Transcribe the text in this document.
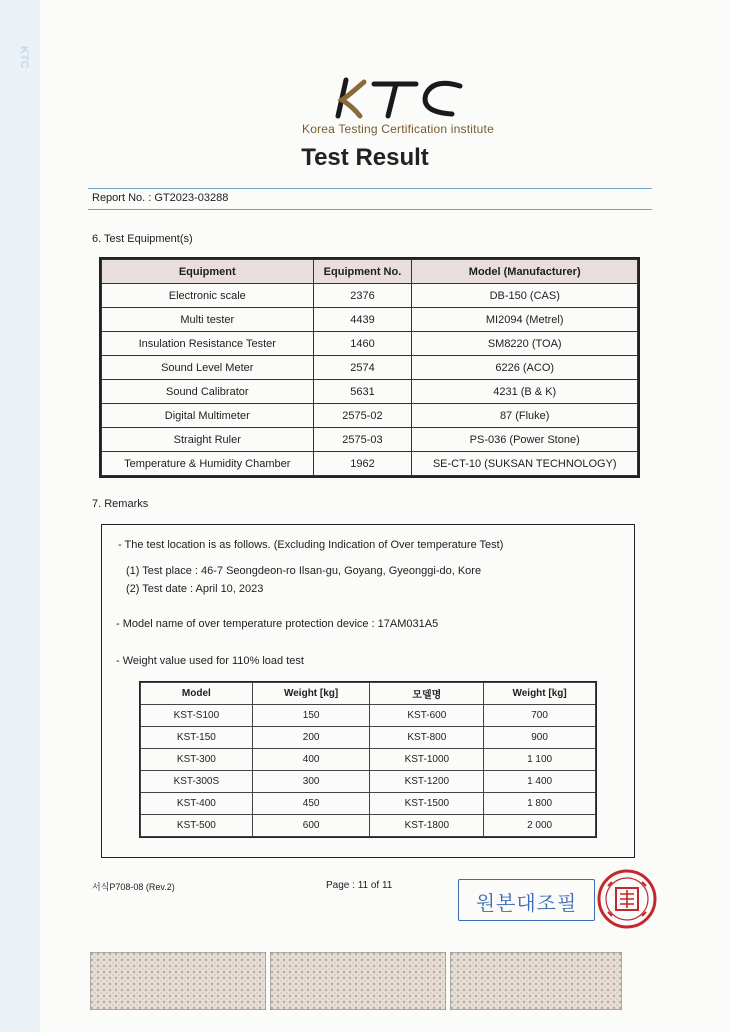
KTC
Korea Testing Certification institute
Test Result
Report No. : GT2023-03288
6. Test Equipment(s)
Equipment	Equipment No.	Model (Manufacturer)
Electronic scale	2376	DB-150 (CAS)
Multi tester	4439	MI2094 (Metrel)
Insulation Resistance Tester	1460	SM8220 (TOA)
Sound Level Meter	2574	6226 (ACO)
Sound Calibrator	5631	4231 (B & K)
Digital Multimeter	2575-02	87 (Fluke)
Straight Ruler	2575-03	PS-036 (Power Stone)
Temperature & Humidity Chamber	1962	SE-CT-10 (SUKSAN TECHNOLOGY)
7. Remarks
- The test location is as follows. (Excluding Indication of Over temperature Test)
(1) Test place : 46-7 Seongdeon-ro Ilsan-gu, Goyang, Gyeonggi-do, Kore
(2) Test date : April 10, 2023
- Model name of over temperature protection device : 17AM031A5
- Weight value used for 110% load test
Model	Weight [kg]	모델명	Weight [kg]
KST-S100	150	KST-600	700
KST-150	200	KST-800	900
KST-300	400	KST-1000	1 100
KST-300S	300	KST-1200	1 400
KST-400	450	KST-1500	1 800
KST-500	600	KST-1800	2 000
서식P708-08 (Rev.2)	Page : 11 of 11
원본대조필
